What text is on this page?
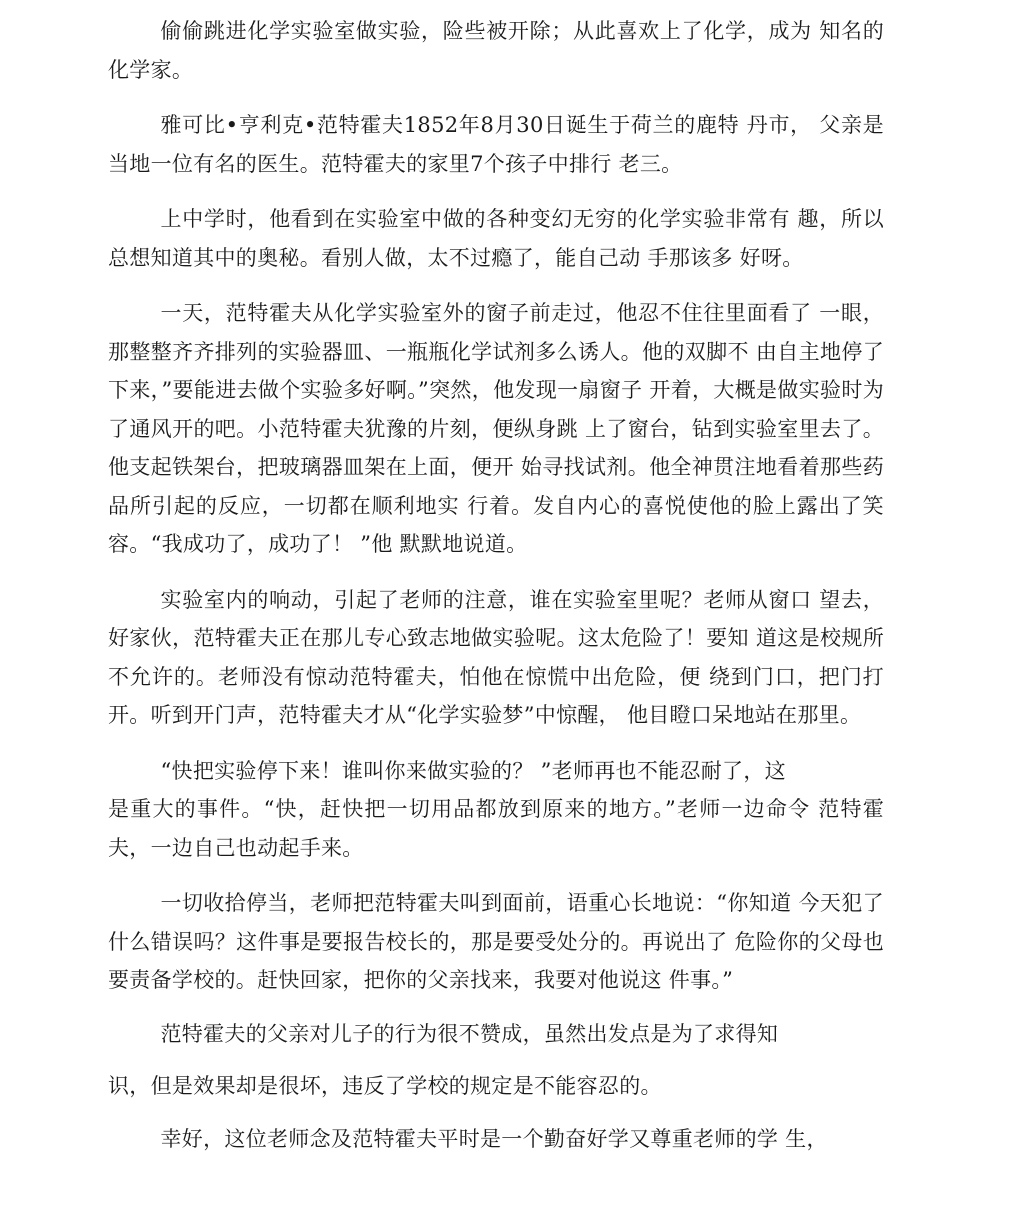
偷偷跳进化学实验室做实验，险些被开除；从此喜欢上了化学，成为 知名的化学家。

雅可比•亨利克•范特霍夫1852年8月30日诞生于荷兰的鹿特 丹市， 父亲是当地一位有名的医生。范特霍夫的家里7个孩子中排行 老三。

上中学时，他看到在实验室中做的各种变幻无穷的化学实验非常有 趣，所以总想知道其中的奥秘。看别人做，太不过瘾了，能自己动 手那该多 好呀。

一天，范特霍夫从化学实验室外的窗子前走过，他忍不住往里面看了 一眼，那整整齐齐排列的实验器皿、一瓶瓶化学试剂多么诱人。他的双脚不 由自主地停了下来，”要能进去做个实验多好啊。”突然，他发现一扇窗子 开着，大概是做实验时为了通风开的吧。小范特霍夫犹豫的片刻，便纵身跳 上了窗台，钻到实验室里去了。他支起铁架台，把玻璃器皿架在上面，便开 始寻找试剂。他全神贯注地看着那些药品所引起的反应，一切都在顺利地实 行着。发自内心的喜悦使他的脸上露出了笑容。“我成功了，成功了！ ”他 默默地说道。

实验室内的响动，引起了老师的注意，谁在实验室里呢？老师从窗口 望去，好家伙，范特霍夫正在那儿专心致志地做实验呢。这太危险了！要知 道这是校规所不允许的。老师没有惊动范特霍夫，怕他在惊慌中出危险，便 绕到门口，把门打开。听到开门声，范特霍夫才从“化学实验梦”中惊醒， 他目瞪口呆地站在那里。

“快把实验停下来！谁叫你来做实验的？ ”老师再也不能忍耐了，这

是重大的事件。“快，赶快把一切用品都放到原来的地方。”老师一边命令 范特霍夫，一边自己也动起手来。

一切收拾停当，老师把范特霍夫叫到面前，语重心长地说：“你知道 今天犯了什么错误吗？这件事是要报告校长的，那是要受处分的。再说出了 危险你的父母也要责备学校的。赶快回家，把你的父亲找来，我要对他说这 件事。”

范特霍夫的父亲对儿子的行为很不赞成，虽然出发点是为了求得知

识，但是效果却是很坏，违反了学校的规定是不能容忍的。

幸好，这位老师念及范特霍夫平时是一个勤奋好学又尊重老师的学 生，
